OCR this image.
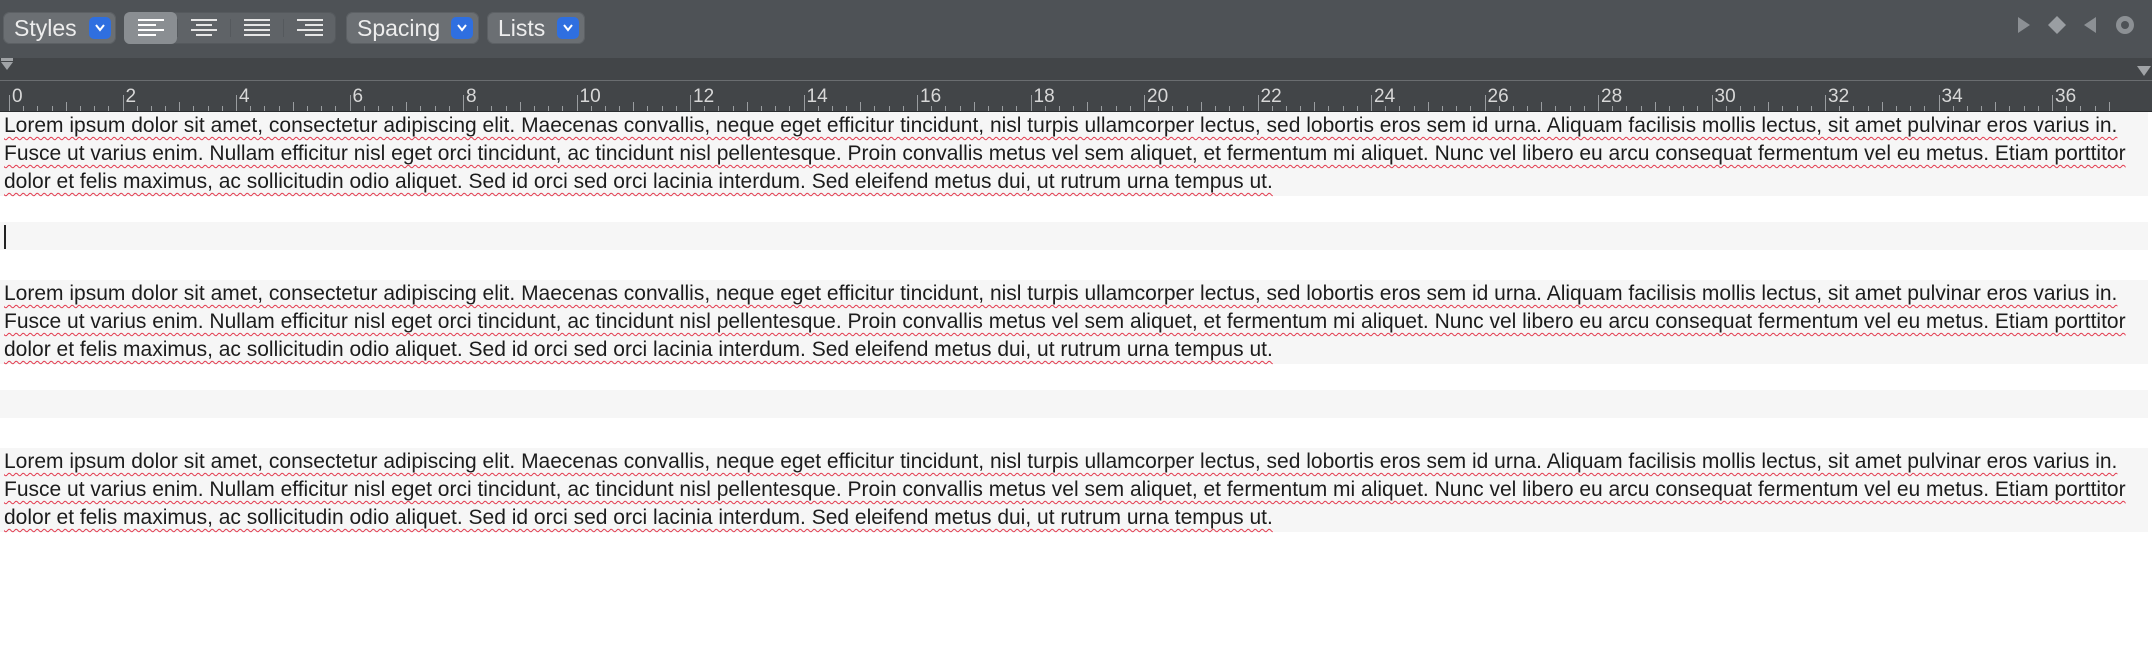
Styles	Spacing	Lists
0	2	4	6	8	10	12	14	16	18	20	22	24	26	28	30	32	34	36
Lorem ipsum dolor sit amet, consectetur adipiscing elit. Maecenas convallis, neque eget efficitur tincidunt, nisl turpis ullamcorper lectus, sed lobortis eros sem id urna. Aliquam facilisis mollis lectus, sit amet pulvinar eros varius in. Fusce ut varius enim. Nullam efficitur nisl eget orci tincidunt, ac tincidunt nisl pellentesque. Proin convallis metus vel sem aliquet, et fermentum mi aliquet. Nunc vel libero eu arcu consequat fermentum vel eu metus. Etiam porttitor dolor et felis maximus, ac sollicitudin odio aliquet. Sed id orci sed orci lacinia interdum. Sed eleifend metus dui, ut rutrum urna tempus ut.
Lorem ipsum dolor sit amet, consectetur adipiscing elit. Maecenas convallis, neque eget efficitur tincidunt, nisl turpis ullamcorper lectus, sed lobortis eros sem id urna. Aliquam facilisis mollis lectus, sit amet pulvinar eros varius in. Fusce ut varius enim. Nullam efficitur nisl eget orci tincidunt, ac tincidunt nisl pellentesque. Proin convallis metus vel sem aliquet, et fermentum mi aliquet. Nunc vel libero eu arcu consequat fermentum vel eu metus. Etiam porttitor dolor et felis maximus, ac sollicitudin odio aliquet. Sed id orci sed orci lacinia interdum. Sed eleifend metus dui, ut rutrum urna tempus ut.
Lorem ipsum dolor sit amet, consectetur adipiscing elit. Maecenas convallis, neque eget efficitur tincidunt, nisl turpis ullamcorper lectus, sed lobortis eros sem id urna. Aliquam facilisis mollis lectus, sit amet pulvinar eros varius in. Fusce ut varius enim. Nullam efficitur nisl eget orci tincidunt, ac tincidunt nisl pellentesque. Proin convallis metus vel sem aliquet, et fermentum mi aliquet. Nunc vel libero eu arcu consequat fermentum vel eu metus. Etiam porttitor dolor et felis maximus, ac sollicitudin odio aliquet. Sed id orci sed orci lacinia interdum. Sed eleifend metus dui, ut rutrum urna tempus ut.
